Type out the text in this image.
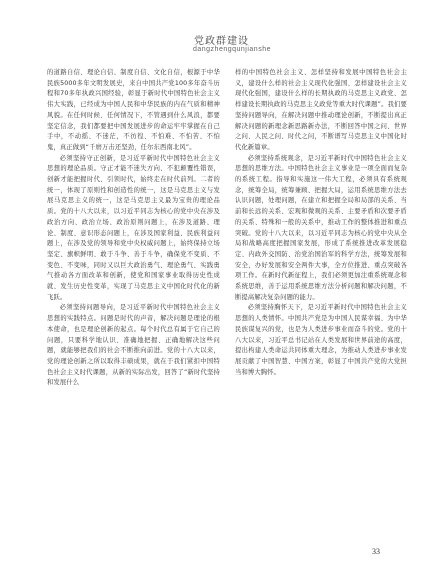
党政群建设
dangzhengqunjianshe

的道路自信、理论自信、制度自信、文化自信，根源于中华民族5000多年文明发展史，来自中国共产党100多年奋斗历程和70多年执政兴国经验，彰显于新时代中国特色社会主义伟大实践，已经成为中国人民和中华民族的内在气质和精神风貌。在任何时候、任何情况下，不管遇到什么风浪，都要坚定信念，我们都要把中国发展进步的命运牢牢掌握在自己手中，不动摇、不迷茫，不彷徨、不怕难、不怕苦、不怕鬼，真正做到“千磨万击还坚劲，任尔东西南北风”。

必须坚持守正创新，是习近平新时代中国特色社会主义思想的理论品质。守正才能不迷失方向、不犯颠覆性错误，创新才能把握时代、引领时代，始终走在时代前列。二者的统一，体现了原则性和创造性的统一，这是马克思主义与发展马克思主义的统一，这是马克思主义最为宝贵的理论品质。党的十八大以来，以习近平同志为核心的党中央在涉及政治方向、政治立场、政治原则问题上，在涉及道路、理论、制度、意识形态问题上，在涉及国家利益、民族利益问题上，在涉及党的领导和党中央权威问题上，始终保持立场坚定、旗帜鲜明、敢于斗争、善于斗争，确保党不变质、不变色、不变味，同时又以巨大政治勇气、理论勇气、实践勇气推动各方面改革和创新，使党和国家事业取得历史性成就、发生历史性变革，实现了马克思主义中国化时代化的新飞跃。

必须坚持问题导向，是习近平新时代中国特色社会主义思想的实践特点。问题是时代的声音，解决问题是理论的根本使命，也是理论创新的起点。每个时代总有属于它自己的问题，只要科学地认识、准确地把握、正确地解决这些问题，就能够把我们的社会不断推向前进。党的十八大以来，党的理论创新之所以取得丰硕成果，就在于我们紧扣中国特色社会主义时代课题，从新的实际出发，回答了“新时代坚持和发展什么

样的中国特色社会主义、怎样坚持和发展中国特色社会主义，建设什么样的社会主义现代化强国、怎样建设社会主义现代化强国，建设什么样的长期执政的马克思主义政党、怎样建设长期执政的马克思主义政党等重大时代课题”。我们要坚持问题导向，在解决问题中推动理论创新，不断提出真正解决问题的新理念新思路新办法，不断回答中国之问、世界之问、人民之问、时代之问，不断谱写马克思主义中国化时代化新篇章。

必须坚持系统观念，是习近平新时代中国特色社会主义思想的思维方法。中国特色社会主义事业是一项全面而复杂的系统工程。指导和实施这一伟大工程，必须具有系统观念，统筹全局，统筹兼顾、把握大局，运用系统思维方法去认识问题，处理问题，在建立和把握全局和局部的关系、当前和长远的关系、宏观和微观的关系、主要矛盾和次要矛盾的关系、特殊和一般的关系中，推动工作的整体推进和重点突破。党的十八大以来，以习近平同志为核心的党中央从全局和战略高度把握国家发展，形成了系统推进改革发展稳定、内政外交国防、治党治国治军的科学方法，统筹发展和安全，办好发展和安全两件大事，全方位推进、重点突破各项工作。在新时代新征程上，我们必须更加注重系统观念和系统思维，善于运用系统思维方法分析问题和解决问题，不断提高解决复杂问题的能力。

必须坚持胸怀天下，是习近平新时代中国特色社会主义思想的人类情怀。中国共产党是为中国人民谋幸福、为中华民族谋复兴的党，也是为人类进步事业而奋斗的党。党的十八大以来，习近平总书记站在人类发展和世界前途的高度，提出构建人类命运共同体重大理念，为推动人类进步事业发展贡献了中国智慧、中国方案，彰显了中国共产党的大党担当和博大胸怀。

33
